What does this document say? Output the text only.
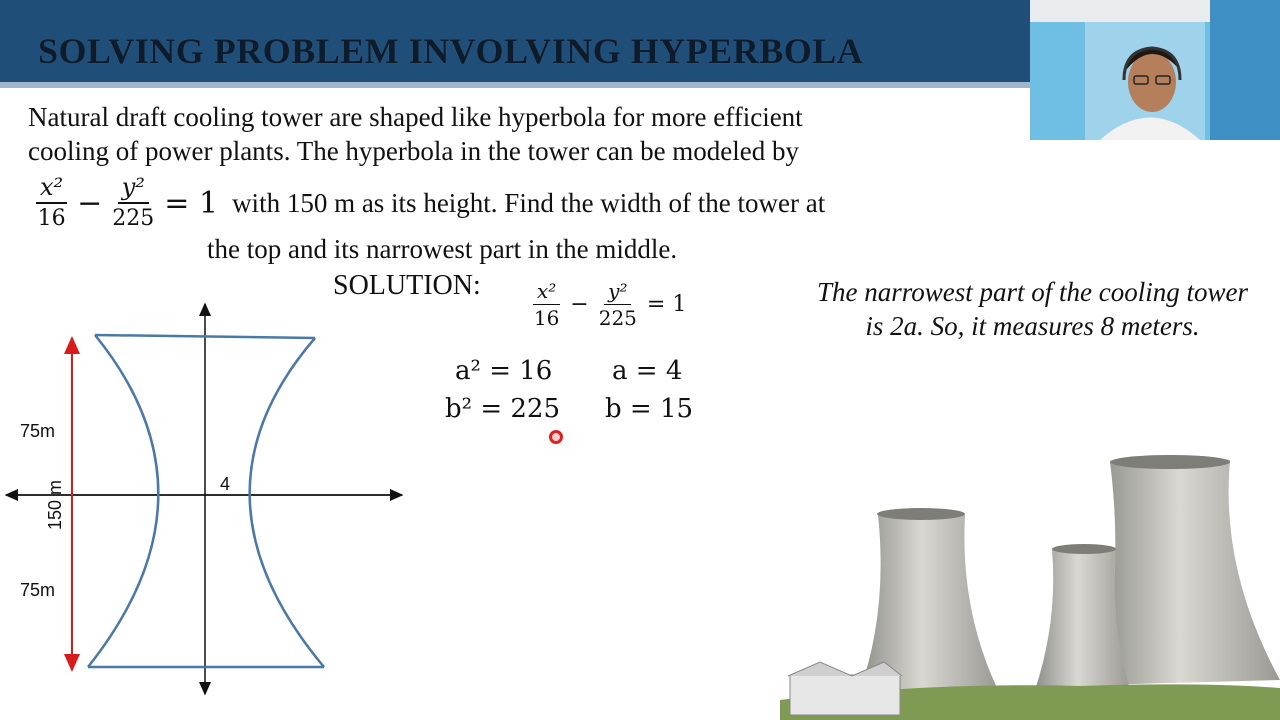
SOLVING PROBLEM INVOLVING HYPERBOLA

Natural draft cooling tower are shaped like hyperbola for more efficient

cooling of power plants. The hyperbola in the tower can be modeled by

$\frac{\text{x²}}{16} - \frac{\text{y²}}{225} = 1$ with 150 m as its height. Find the width of the tower at
the top and its narrowest part in the middle.
SOLUTION:	$\frac{\text{x²}}{16} - \frac{\text{y²}}{225} = 1$
a² = 16 a = 4
b² = 225 b = 15
The narrowest part of the cooling tower is 2a. So, it measures 8 meters.
75m
75m
150 m	4
